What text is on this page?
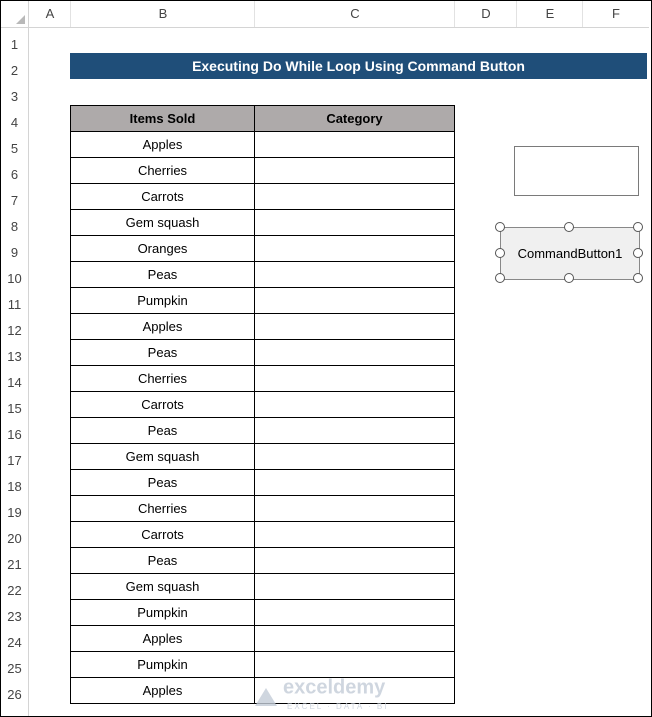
A	B	C	D	E	F
1
2
3
4
5
6
7
8
9
10
11
12
13
14
15
16
17
18
19
20
21
22
23
24
25
26
Executing Do While Loop Using Command Button
Items Sold	Category
Apples	
Cherries	
Carrots	
Gem squash	
Oranges	
Peas	
Pumpkin	
Apples	
Peas	
Cherries	
Carrots	
Peas	
Gem squash	
Peas	
Cherries	
Carrots	
Peas	
Gem squash	
Pumpkin	
Apples	
Pumpkin	
Apples	
CommandButton1
exceldemy
EXCEL · DATA · BI
